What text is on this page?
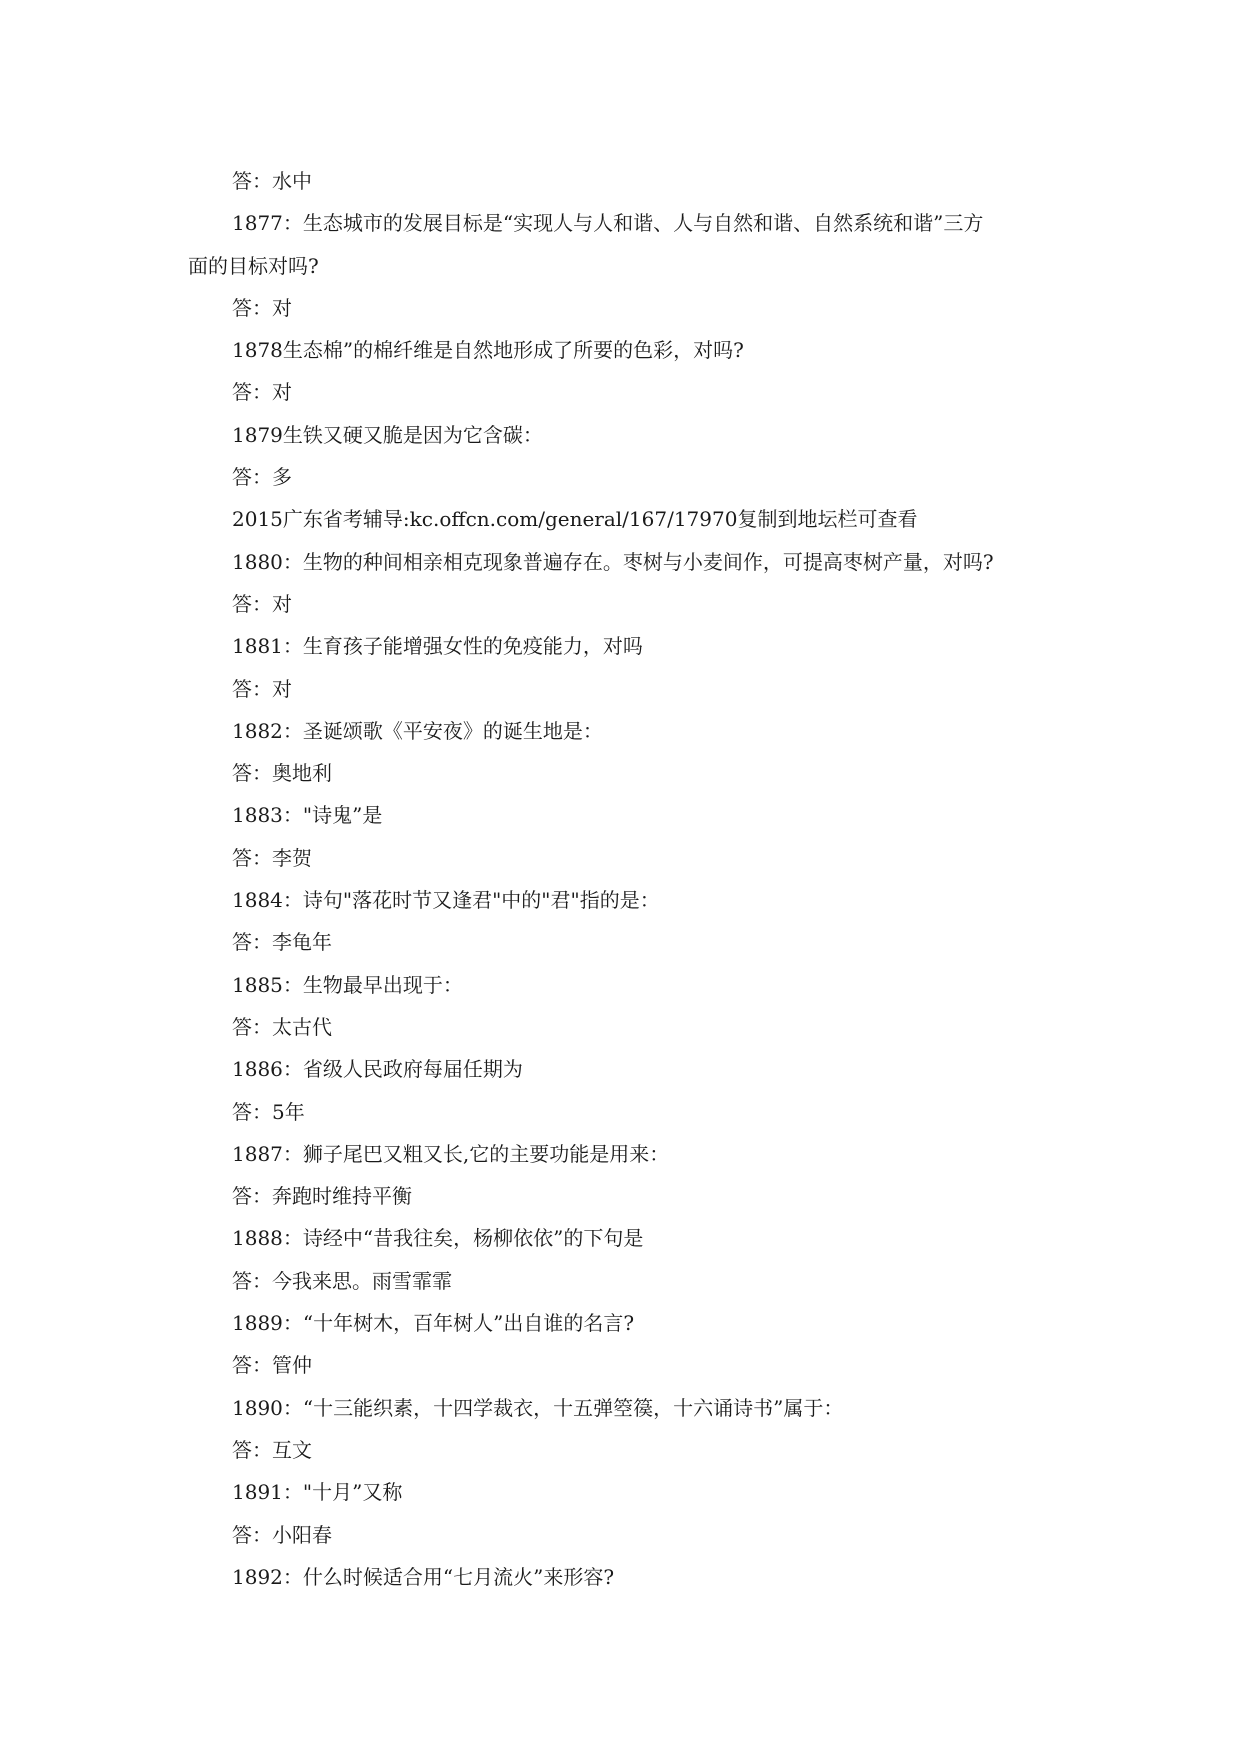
答：水中

1877：生态城市的发展目标是“实现人与人和谐、人与自然和谐、自然系统和谐”三方

面的目标对吗?

答：对

1878生态棉”的棉纤维是自然地形成了所要的色彩，对吗?

答：对

1879生铁又硬又脆是因为它含碳：

答：多

2015广东省考辅导:kc.offcn.com/general/167/17970复制到地坛栏可查看

1880：生物的种间相亲相克现象普遍存在。枣树与小麦间作，可提高枣树产量，对吗?

答：对

1881：生育孩子能增强女性的免疫能力，对吗

答：对

1882：圣诞颂歌《平安夜》的诞生地是：

答：奥地利

1883："诗鬼”是

答：李贺

1884：诗句"落花时节又逢君"中的"君"指的是：

答：李龟年

1885：生物最早出现于：

答：太古代

1886：省级人民政府每届任期为

答：5年

1887：狮子尾巴又粗又长,它的主要功能是用来：

答：奔跑时维持平衡

1888：诗经中“昔我往矣，杨柳依依”的下句是

答：今我来思。雨雪霏霏

1889：“十年树木，百年树人”出自谁的名言?

答：管仲

1890：“十三能织素，十四学裁衣，十五弹箜篌，十六诵诗书”属于：

答：互文

1891："十月”又称

答：小阳春

1892：什么时候适合用“七月流火”来形容?
